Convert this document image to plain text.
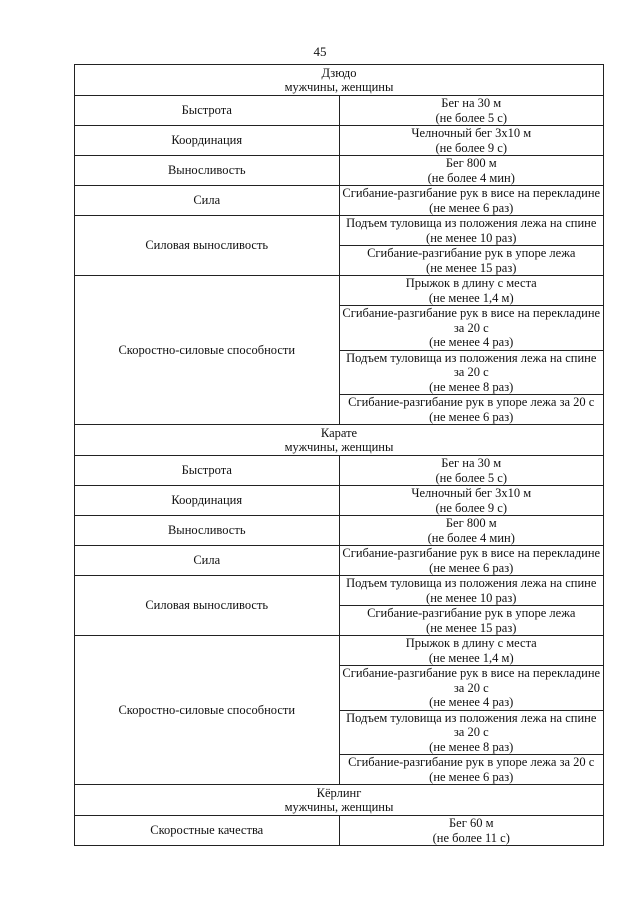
45
Дзюдо
мужчины, женщины	

Быстрота	Бег на 30 м
(не более 5 с)

Координация	Челночный бег 3х10 м
(не более 9 с)

Выносливость	Бег 800 м
(не более 4 мин)

Сила	Сгибание-разгибание рук в висе на перекладине
(не менее 6 раз)

Силовая выносливость	Подъем туловища из положения лежа на спине
(не менее 10 раз)

	Сгибание-разгибание рук в упоре лежа
(не менее 15 раз)

Скоростно-силовые способности	Прыжок в длину с места
(не менее 1,4 м)

	Сгибание-разгибание рук в висе на перекладине за 20 с
(не менее 4 раз)

	Подъем туловища из положения лежа на спине за 20 с
(не менее 8 раз)

	Сгибание-разгибание рук в упоре лежа за 20 с
(не менее 6 раз)

Карате
мужчины, женщины	

Быстрота	Бег на 30 м
(не более 5 с)

Координация	Челночный бег 3х10 м
(не более 9 с)

Выносливость	Бег 800 м
(не более 4 мин)

Сила	Сгибание-разгибание рук в висе на перекладине
(не менее 6 раз)

Силовая выносливость	Подъем туловища из положения лежа на спине
(не менее 10 раз)

	Сгибание-разгибание рук в упоре лежа
(не менее 15 раз)

Скоростно-силовые способности	Прыжок в длину с места
(не менее 1,4 м)

	Сгибание-разгибание рук в висе на перекладине за 20 с
(не менее 4 раз)

	Подъем туловища из положения лежа на спине за 20 с
(не менее 8 раз)

	Сгибание-разгибание рук в упоре лежа за 20 с
(не менее 6 раз)

Кёрлинг
мужчины, женщины	

Скоростные качества	Бег 60 м
(не более 11 с)
